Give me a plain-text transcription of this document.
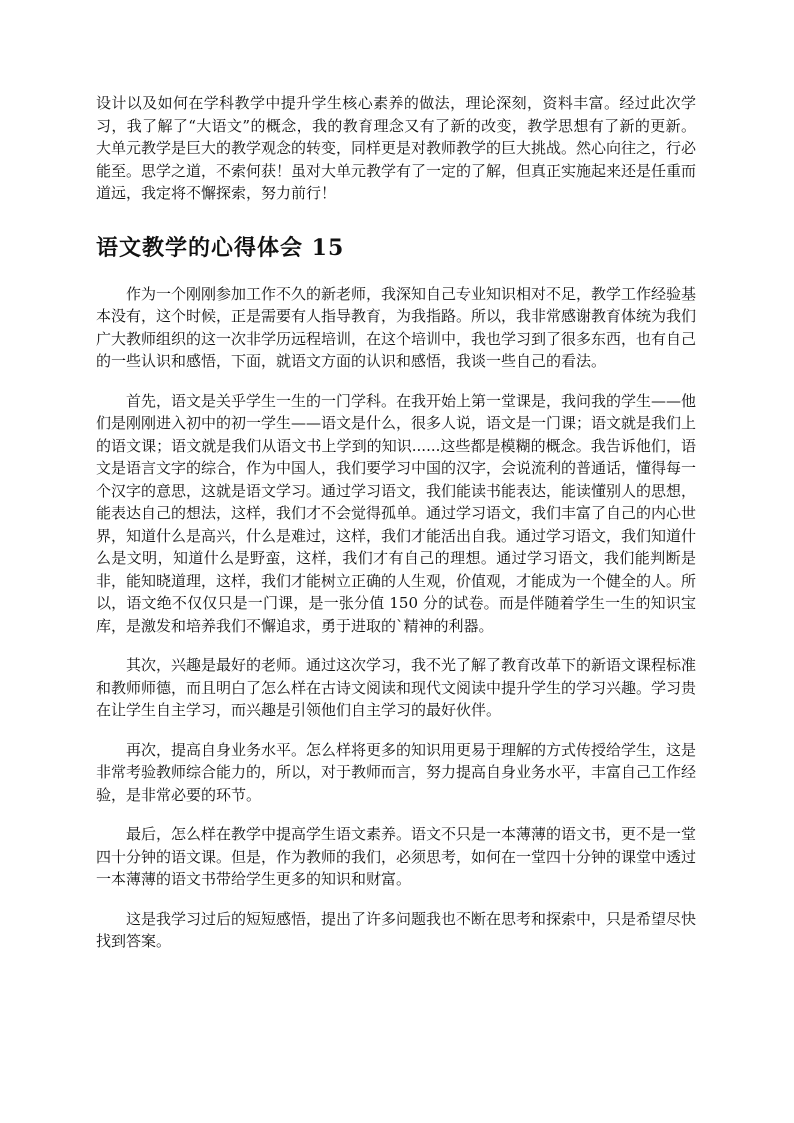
设计以及如何在学科教学中提升学生核心素养的做法，理论深刻，资料丰富。经过此次学习，我了解了“大语文”的概念，我的教育理念又有了新的改变，教学思想有了新的更新。大单元教学是巨大的教学观念的转变，同样更是对教师教学的巨大挑战。然心向往之，行必能至。思学之道，不索何获！虽对大单元教学有了一定的了解，但真正实施起来还是任重而道远，我定将不懈探索，努力前行！

语文教学的心得体会 15

作为一个刚刚参加工作不久的新老师，我深知自己专业知识相对不足，教学工作经验基本没有，这个时候，正是需要有人指导教育，为我指路。所以，我非常感谢教育体统为我们广大教师组织的这一次非学历远程培训，在这个培训中，我也学习到了很多东西，也有自己的一些认识和感悟，下面，就语文方面的认识和感悟，我谈一些自己的看法。

首先，语文是关乎学生一生的一门学科。在我开始上第一堂课是，我问我的学生——他们是刚刚进入初中的初一学生——语文是什么，很多人说，语文是一门课；语文就是我们上的语文课；语文就是我们从语文书上学到的知识......这些都是模糊的概念。我告诉他们，语文是语言文字的综合，作为中国人，我们要学习中国的汉字，会说流利的普通话，懂得每一个汉字的意思，这就是语文学习。通过学习语文，我们能读书能表达，能读懂别人的思想，能表达自己的想法，这样，我们才不会觉得孤单。通过学习语文，我们丰富了自己的内心世界，知道什么是高兴，什么是难过，这样，我们才能活出自我。通过学习语文，我们知道什么是文明，知道什么是野蛮，这样，我们才有自己的理想。通过学习语文，我们能判断是非，能知晓道理，这样，我们才能树立正确的人生观，价值观，才能成为一个健全的人。所以，语文绝不仅仅只是一门课，是一张分值 150 分的试卷。而是伴随着学生一生的知识宝库，是激发和培养我们不懈追求，勇于进取的`精神的利器。

其次，兴趣是最好的老师。通过这次学习，我不光了解了教育改革下的新语文课程标准和教师师德，而且明白了怎么样在古诗文阅读和现代文阅读中提升学生的学习兴趣。学习贵在让学生自主学习，而兴趣是引领他们自主学习的最好伙伴。

再次，提高自身业务水平。怎么样将更多的知识用更易于理解的方式传授给学生，这是非常考验教师综合能力的，所以，对于教师而言，努力提高自身业务水平，丰富自己工作经验，是非常必要的环节。

最后，怎么样在教学中提高学生语文素养。语文不只是一本薄薄的语文书，更不是一堂四十分钟的语文课。但是，作为教师的我们，必须思考，如何在一堂四十分钟的课堂中透过一本薄薄的语文书带给学生更多的知识和财富。

这是我学习过后的短短感悟，提出了许多问题我也不断在思考和探索中，只是希望尽快找到答案。
